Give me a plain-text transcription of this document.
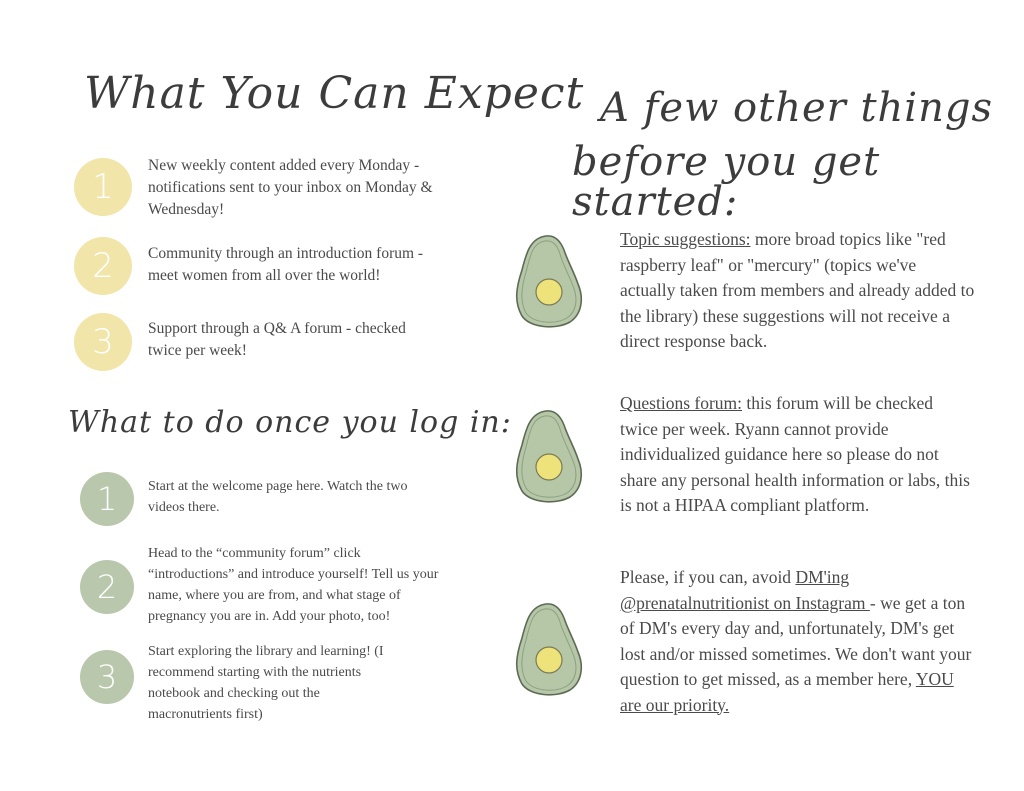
What You Can Expect
1

New weekly content added every Monday - notifications sent to your inbox on Monday & Wednesday!

2	Community through an introduction forum - meet women from all over the world!

3	Support through a Q& A forum - checked twice per week!

What to do once you log in:
1	Start at the welcome page here. Watch the two videos there.

2

Head to the “community forum” click “introductions” and introduce yourself! Tell us your name, where you are from, and what stage of pregnancy you are in. Add your photo, too!

3

Start exploring the library and learning! (I recommend starting with the nutrients notebook and checking out the macronutrients first)

A few other things
before you get started:

Topic suggestions: more broad topics like "red raspberry leaf" or "mercury" (topics we've actually taken from members and already added to the library) these suggestions will not receive a direct response back.

Questions forum: this forum will be checked twice per week. Ryann cannot provide individualized guidance here so please do not share any personal health information or labs, this is not a HIPAA compliant platform.

Please, if you can, avoid DM'ing @prenatalnutritionist on Instagram - we get a ton of DM's every day and, unfortunately, DM's get lost and/or missed sometimes. We don't want your question to get missed, as a member here, YOU are our priority.
